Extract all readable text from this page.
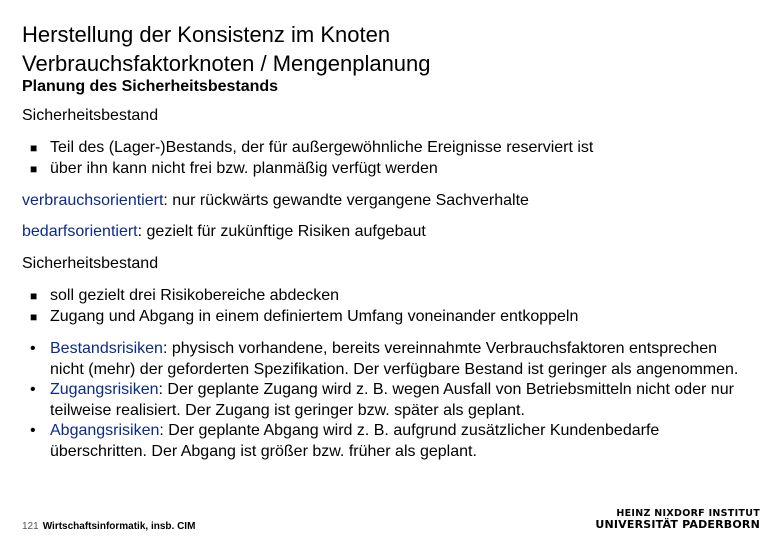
Herstellung der Konsistenz im Knoten
Verbrauchsfaktorknoten / Mengenplanung
Planung des Sicherheitsbestands
Sicherheitsbestand
■ Teil des (Lager-)Bestands, der für außergewöhnliche Ereignisse reserviert ist
■ über ihn kann nicht frei bzw. planmäßig verfügt werden
verbrauchsorientiert: nur rückwärts gewandte vergangene Sachverhalte
bedarfsorientiert: gezielt für zukünftige Risiken aufgebaut
Sicherheitsbestand
■ soll gezielt drei Risikobereiche abdecken
■ Zugang und Abgang in einem definiertem Umfang voneinander entkoppeln
• Bestandsrisiken: physisch vorhandene, bereits vereinnahmte Verbrauchsfaktoren entsprechen nicht (mehr) der geforderten Spezifikation. Der verfügbare Bestand ist geringer als angenommen.
• Zugangsrisiken: Der geplante Zugang wird z. B. wegen Ausfall von Betriebsmitteln nicht oder nur teilweise realisiert. Der Zugang ist geringer bzw. später als geplant.
• Abgangsrisiken: Der geplante Abgang wird z. B. aufgrund zusätzlicher Kundenbedarfe überschritten. Der Abgang ist größer bzw. früher als geplant.
121 Wirtschaftsinformatik, insb. CIM
HEINZ NIXDORF INSTITUT
UNIVERSITÄT PADERBORN
